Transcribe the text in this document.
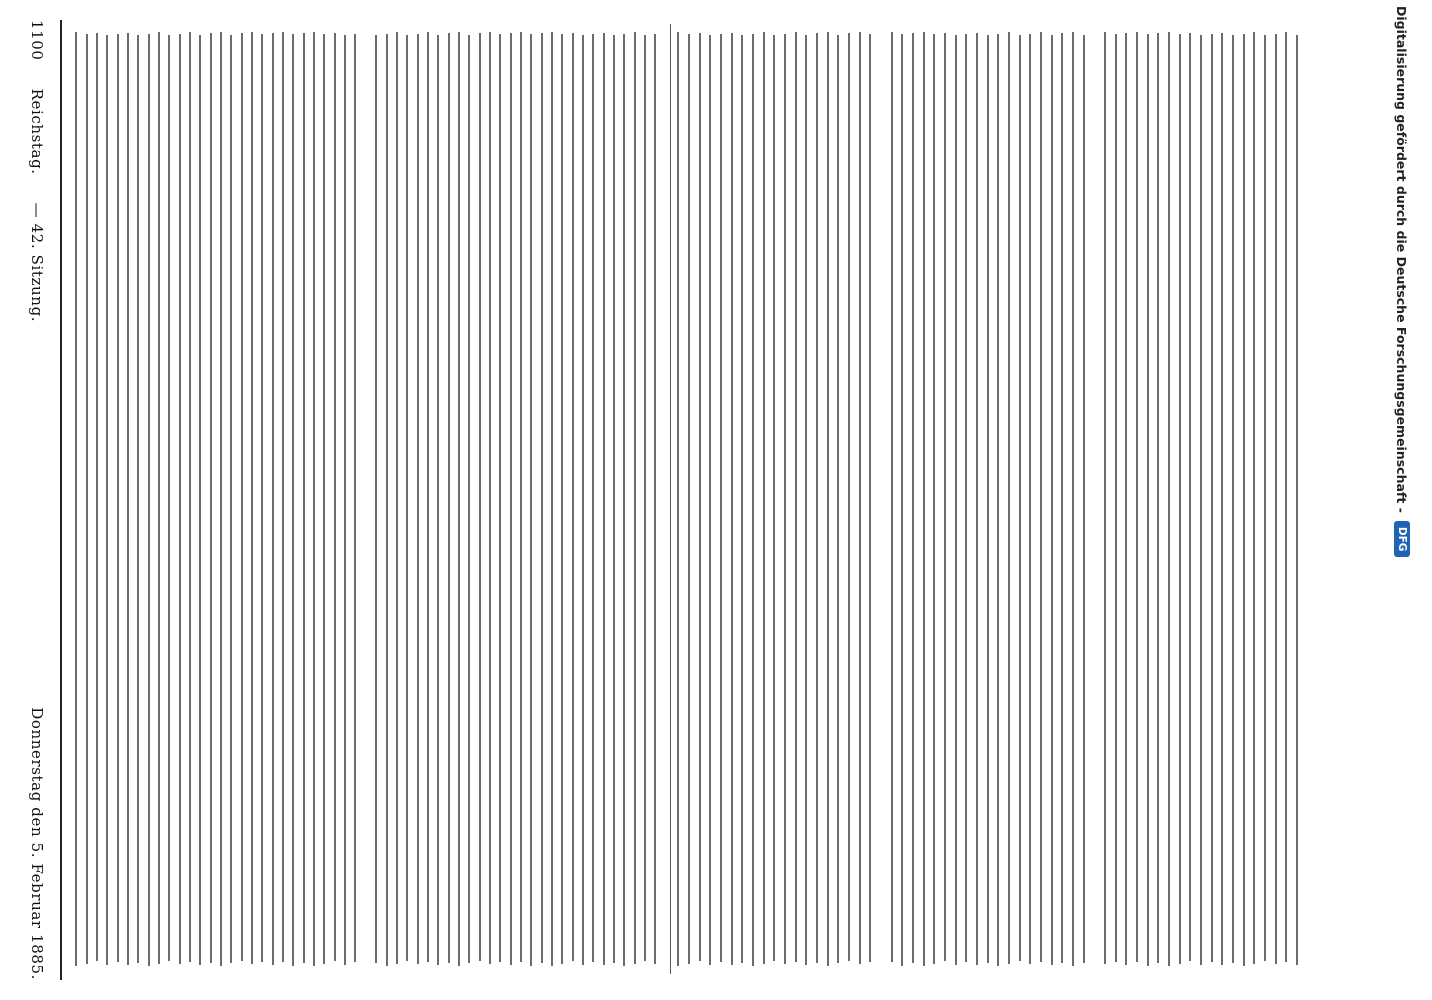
1100
Reichstag.
— 42. Sitzung.
Donnerstag den 5. Februar 1885.
Digitalisierung gefördert durch die Deutsche Forschungsgemeinschaft -
DFG
